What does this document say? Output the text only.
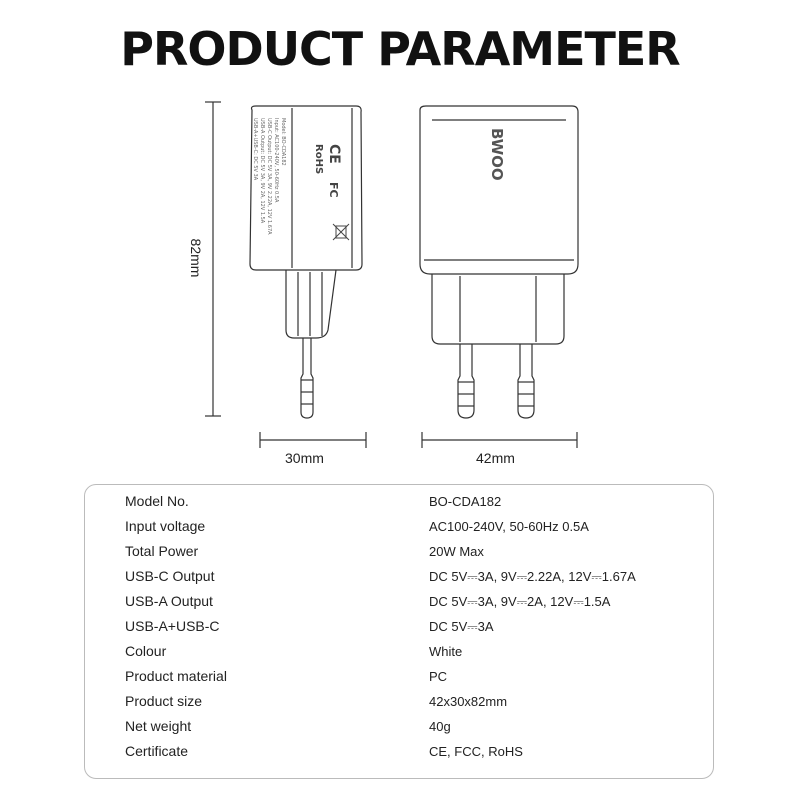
PRODUCT PARAMETER
CE
FC
RoHS
Model: BO-CDA182
Input: AC100-240V, 50-60Hz 0.5A
USB-C Output: DC 5V 3A, 9V 2.22A, 12V 1.67A
USB-A Output: DC 5V 3A, 9V 2A, 12V 1.5A
USB-A+USB-C: DC 5V 3A	BWOO
82mm
30mm	42mm
Model No.	BO-CDA182
Input voltage	AC100-240V, 50-60Hz 0.5A
Total Power	20W Max
USB-C Output	DC 5V⎓3A, 9V⎓2.22A, 12V⎓1.67A
USB-A Output	DC 5V⎓3A, 9V⎓2A, 12V⎓1.5A
USB-A+USB-C	DC 5V⎓3A
Colour	White
Product material	PC
Product size	42x30x82mm
Net weight	40g
Certificate	CE, FCC, RoHS
